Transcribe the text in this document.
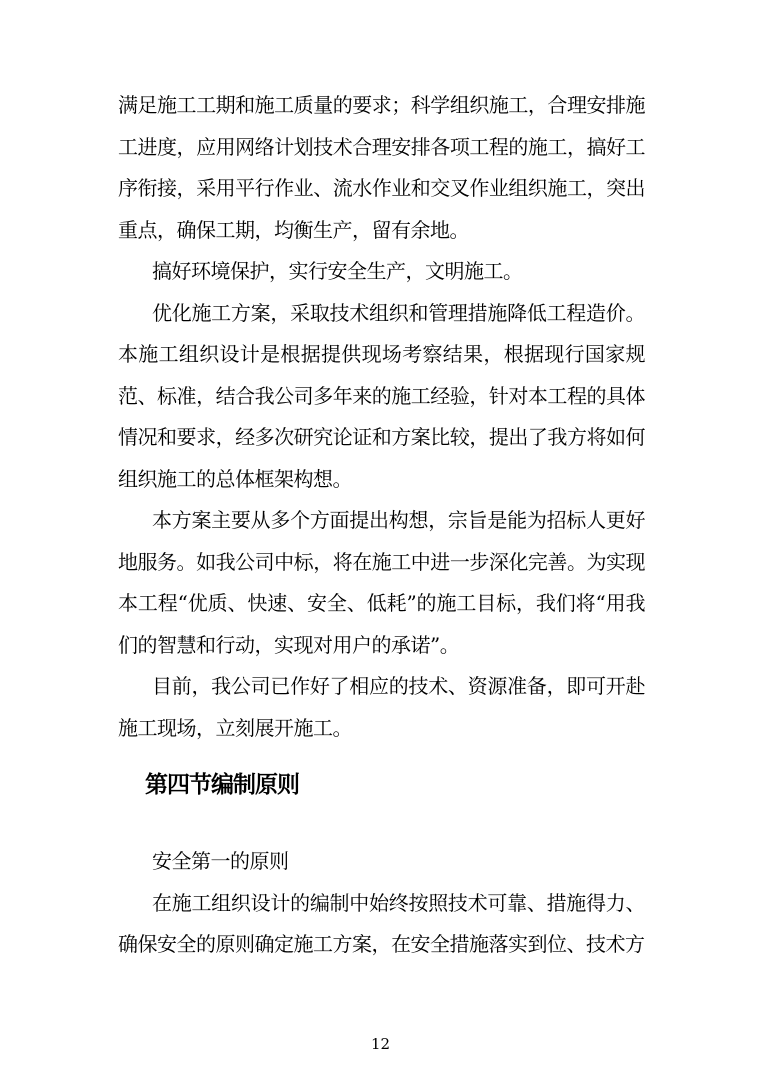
满足施工工期和施工质量的要求；科学组织施工，合理安排施工进度，应用网络计划技术合理安排各项工程的施工，搞好工序衔接，采用平行作业、流水作业和交叉作业组织施工，突出重点，确保工期，均衡生产，留有余地。

搞好环境保护，实行安全生产，文明施工。

优化施工方案，采取技术组织和管理措施降低工程造价。本施工组织设计是根据提供现场考察结果，根据现行国家规范、标准，结合我公司多年来的施工经验，针对本工程的具体情况和要求，经多次研究论证和方案比较，提出了我方将如何组织施工的总体框架构想。

本方案主要从多个方面提出构想，宗旨是能为招标人更好地服务。如我公司中标，将在施工中进一步深化完善。为实现本工程“优质、快速、安全、低耗”的施工目标，我们将“用我们的智慧和行动，实现对用户的承诺”。

目前，我公司已作好了相应的技术、资源准备，即可开赴施工现场，立刻展开施工。

第四节编制原则

安全第一的原则

在施工组织设计的编制中始终按照技术可靠、措施得力、确保安全的原则确定施工方案，在安全措施落实到位、技术方

12
